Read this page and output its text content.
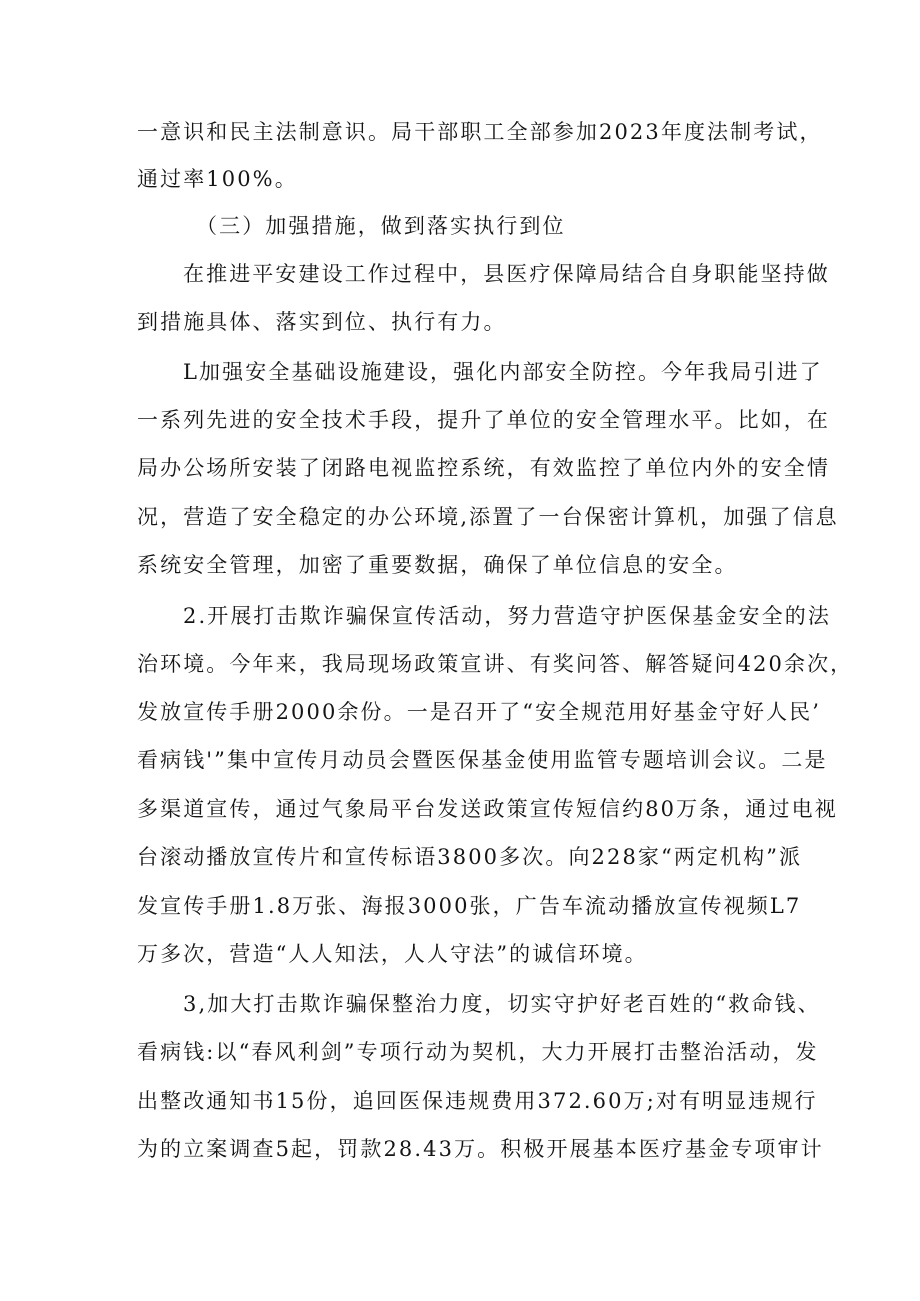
一意识和民主法制意识。局干部职工全部参加2023年度法制考试，
通过率100%。
（三）加强措施，做到落实执行到位
在推进平安建设工作过程中，县医疗保障局结合自身职能坚持做
到措施具体、落实到位、执行有力。
L加强安全基础设施建设，强化内部安全防控。今年我局引进了
一系列先进的安全技术手段，提升了单位的安全管理水平。比如，在
局办公场所安装了闭路电视监控系统，有效监控了单位内外的安全情
况，营造了安全稳定的办公环境,添置了一台保密计算机，加强了信息
系统安全管理，加密了重要数据，确保了单位信息的安全。
2.开展打击欺诈骗保宣传活动，努力营造守护医保基金安全的法
治环境。今年来，我局现场政策宣讲、有奖问答、解答疑问420余次，
发放宣传手册2000余份。一是召开了“安全规范用好基金守好人民’
看病钱'”集中宣传月动员会暨医保基金使用监管专题培训会议。二是
多渠道宣传，通过气象局平台发送政策宣传短信约80万条，通过电视
台滚动播放宣传片和宣传标语3800多次。向228家“两定机构”派
发宣传手册1.8万张、海报3000张，广告车流动播放宣传视频L7
万多次，营造“人人知法，人人守法”的诚信环境。
3,加大打击欺诈骗保整治力度，切实守护好老百姓的“救命钱、
看病钱:以“春风利剑”专项行动为契机，大力开展打击整治活动，发
出整改通知书15份，追回医保违规费用372.60万;对有明显违规行
为的立案调查5起，罚款28.43万。积极开展基本医疗基金专项审计
